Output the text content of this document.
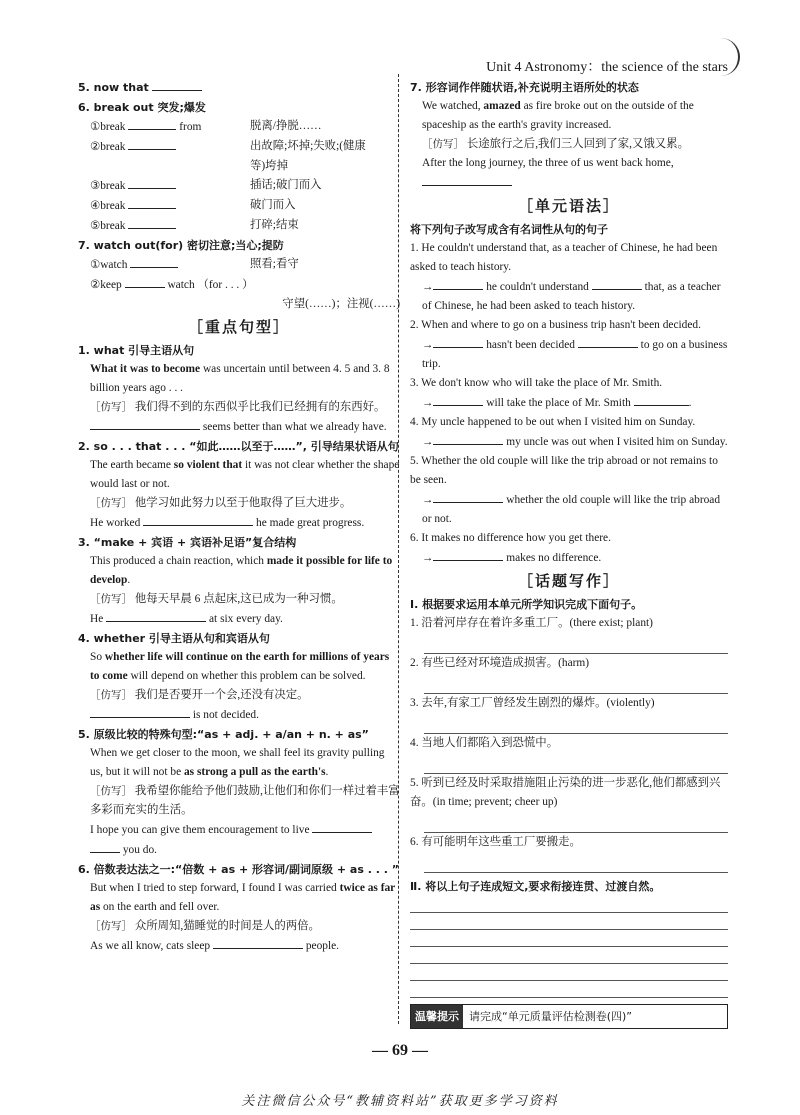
Unit 4 Astronomy：the science of the stars
5. now that
6. break out 突发;爆发
①break	from	脱离/挣脱……
②break	出故障;坏掉;失败;(健康
等)垮掉
③break	插话;破门而入
④break	破门而入
⑤break	打碎;结束
7. watch out(for) 密切注意;当心;提防
①watch	照看;看守
②keep	watch （for . . . ）
守望(……)；注视(……)
［重点句型］
1. what 引导主语从句
What it was to become was uncertain until between 4. 5 and 3. 8 billion years ago . . .
［仿写］ 我们得不到的东西似乎比我们已经拥有的东西好。
seems better than what we already have.
2. so . . . that . . . “如此……以至于……”, 引导结果状语从句
The earth became so violent that it was not clear whether the shape would last or not.
［仿写］ 他学习如此努力以至于他取得了巨大进步。
He worked	he made great progress.
3. “make + 宾语 + 宾语补足语”复合结构
This produced a chain reaction, which made it possible for life to develop.
［仿写］ 他每天早晨 6 点起床,这已成为一种习惯。
He	at six every day.
4. whether 引导主语从句和宾语从句
So whether life will continue on the earth for millions of years to come will depend on whether this problem can be solved.
［仿写］ 我们是否要开一个会,还没有决定。
is not decided.
5. 原级比较的特殊句型:“as + adj. + a/an + n. + as”
When we get closer to the moon, we shall feel its gravity pulling us, but it will not be as strong a pull as the earth's.
［仿写］ 我希望你能给予他们鼓励,让他们和你们一样过着丰富多彩而充实的生活。
I hope you can give them encouragement to live   you do.
6. 倍数表达法之一:“倍数 + as + 形容词/副词原级 + as . . . ”
But when I tried to step forward, I found I was carried twice as far as on the earth and fell over.
［仿写］ 众所周知,猫睡觉的时间是人的两倍。
As we all know, cats sleep	people.
7. 形容词作伴随状语,补充说明主语所处的状态
We watched, amazed as fire broke out on the outside of the spaceship as the earth's gravity increased.
［仿写］ 长途旅行之后,我们三人回到了家,又饿又累。
After the long journey, the three of us went back home,
［单元语法］
将下列句子改写成含有名词性从句的句子
1. He couldn't understand that, as a teacher of Chinese, he had been asked to teach history.
→	he couldn't understand	that, as a teacher of Chinese, he had been asked to teach history.
2. When and where to go on a business trip hasn't been decided.
→	hasn't been decided	to go on a business trip.
3. We don't know who will take the place of Mr. Smith.
→	will take the place of Mr. Smith	.
4. My uncle happened to be out when I visited him on Sunday.
→	my uncle was out when I visited him on Sunday.
5. Whether the old couple will like the trip abroad or not remains to be seen.
→	whether the old couple will like the trip abroad or not.
6. It makes no difference how you get there.
→	makes no difference.
［话题写作］
Ⅰ. 根据要求运用本单元所学知识完成下面句子。
1. 沿着河岸存在着许多重工厂。(there exist; plant)
2. 有些已经对环境造成损害。(harm)
3. 去年,有家工厂曾经发生剧烈的爆炸。(violently)
4. 当地人们都陷入到恐慌中。
5. 听到已经及时采取措施阻止污染的进一步恶化,他们都感到兴奋。(in time; prevent; cheer up)
6. 有可能明年这些重工厂要搬走。
Ⅱ. 将以上句子连成短文,要求衔接连贯、过渡自然。
温馨提示 请完成“单元质量评估检测卷(四)”
— 69 —
关注微信公众号“教辅资料站”获取更多学习资料
